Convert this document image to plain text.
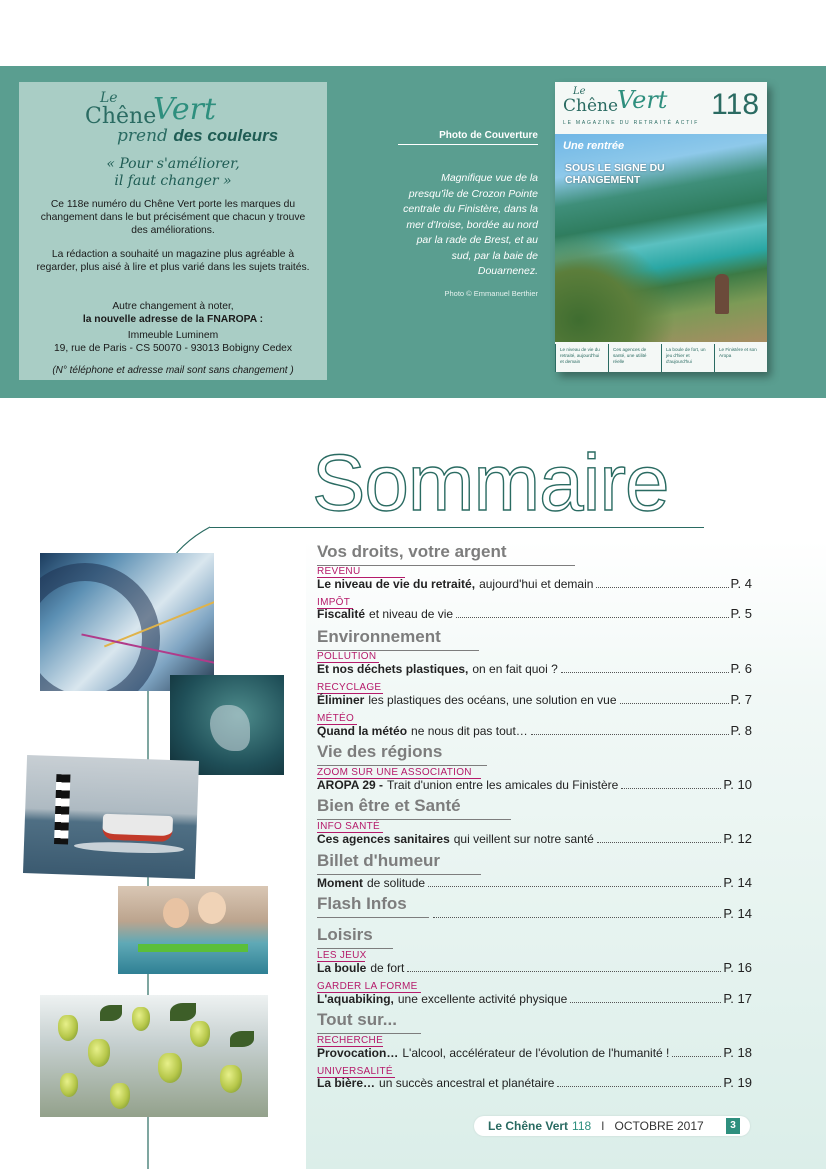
Le
Chêne
Vert
prend des couleurs
« Pour s'améliorer,
il faut changer »
Ce 118e numéro du Chêne Vert porte les marques du changement dans le but précisément que chacun y trouve des améliorations.
La rédaction a souhaité un magazine plus agréable à regarder, plus aisé à lire et plus varié dans les sujets traités.
Autre changement à noter,
la nouvelle adresse de la FNAROPA :
Immeuble Luminem
19, rue de Paris - CS 50070 - 93013 Bobigny Cedex
(N° téléphone et adresse mail sont sans changement )
Photo de Couverture
Magnifique vue de la presqu'île de Crozon Pointe centrale du Finistère, dans la mer d'Iroise, bordée au nord par la rade de Brest, et au sud, par la baie de Douarnenez.
Photo © Emmanuel Berthier
Le
Chêne
Vert 118
LE MAGAZINE DU RETRAITÉ ACTIF
Une rentrée
SOUS LE SIGNE DU CHANGEMENT
Le niveau de vie du retraité, aujourd'hui et demain
Ces agences de santé, une utilité réelle
La boule de fort, un jeu d'hier et d'aujourd'hui
Le Finistère et son Aropa
Sommaire
Vos droits, votre argent
REVENU
Le niveau de vie du retraité, aujourd'hui et demain	P. 4
IMPÔT
Fiscalité et niveau de vie	P. 5
Environnement
POLLUTION
Et nos déchets plastiques, on en fait quoi ?	P. 6
RECYCLAGE
Éliminer les plastiques des océans, une solution en vue	P. 7
MÉTÉO
Quand la météo ne nous dit pas tout…	P. 8
Vie des régions
ZOOM SUR UNE ASSOCIATION
AROPA 29 - Trait d'union entre les amicales du Finistère	P. 10
Bien être et Santé
INFO SANTÉ
Ces agences sanitaires qui veillent sur notre santé	P. 12
Billet d'humeur
Moment de solitude	P. 14
Flash Infos
P. 14
Loisirs
LES JEUX
La boule de fort	P. 16
GARDER LA FORME
L'aquabiking, une excellente activité physique	P. 17
Tout sur...
RECHERCHE
Provocation… L'alcool, accélérateur de l'évolution de l'humanité !	P. 18
UNIVERSALITÉ
La bière… un succès ancestral et planétaire	P. 19
Le Chêne Vert 118 I OCTOBRE 2017	3
